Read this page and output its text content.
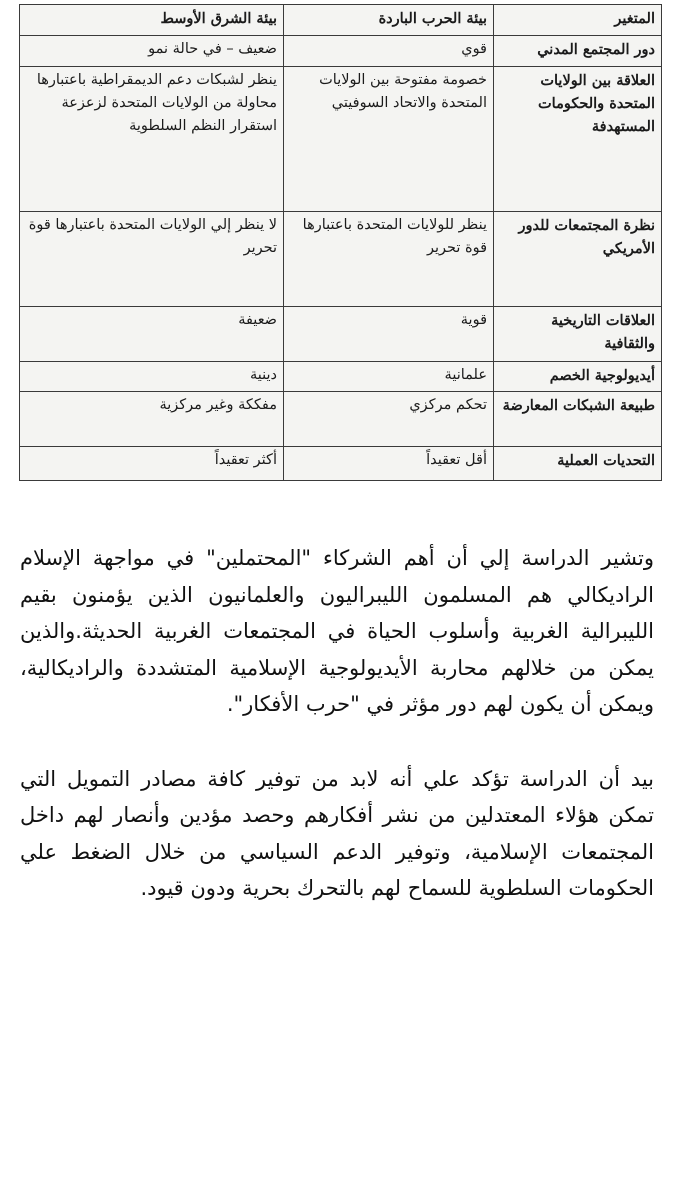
المتغير	بيئة الحرب الباردة	بيئة الشرق الأوسط
دور المجتمع المدني	قوي	ضعيف – في حالة نمو
العلاقة بين الولايات المتحدة والحكومات المستهدفة	خصومة مفتوحة بين الولايات المتحدة والاتحاد السوفيتي	ينظر لشبكات دعم الديمقراطية باعتبارها محاولة من الولايات المتحدة لزعزعة استقرار النظم السلطوية
نظرة المجتمعات للدور الأمريكي	ينظر للولايات المتحدة باعتبارها قوة تحرير	لا ينظر إلي الولايات المتحدة باعتبارها قوة تحرير
العلاقات التاريخية والثقافية	قوية	ضعيفة
أيديولوجية الخصم	علمانية	دينية
طبيعة الشبكات المعارضة	تحكم مركزي	مفككة وغير مركزية
التحديات العملية	أقل تعقيداً	أكثر تعقيداً

وتشير الدراسة إلي أن أهم الشركاء "المحتملين" في مواجهة الإسلام الراديكالي هم المسلمون الليبراليون والعلمانيون الذين يؤمنون بقيم الليبرالية الغربية وأسلوب الحياة في المجتمعات الغربية الحديثة.والذين يمكن من خلالهم محاربة الأيديولوجية الإسلامية المتشددة والراديكالية، ويمكن أن يكون لهم دور مؤثر في "حرب الأفكار".

بيد أن الدراسة تؤكد علي أنه لابد من توفير كافة مصادر التمويل التي تمكن هؤلاء المعتدلين من نشر أفكارهم وحصد مؤدين وأنصار لهم داخل المجتمعات الإسلامية، وتوفير الدعم السياسي من خلال الضغط علي الحكومات السلطوية للسماح لهم بالتحرك بحرية ودون قيود.
